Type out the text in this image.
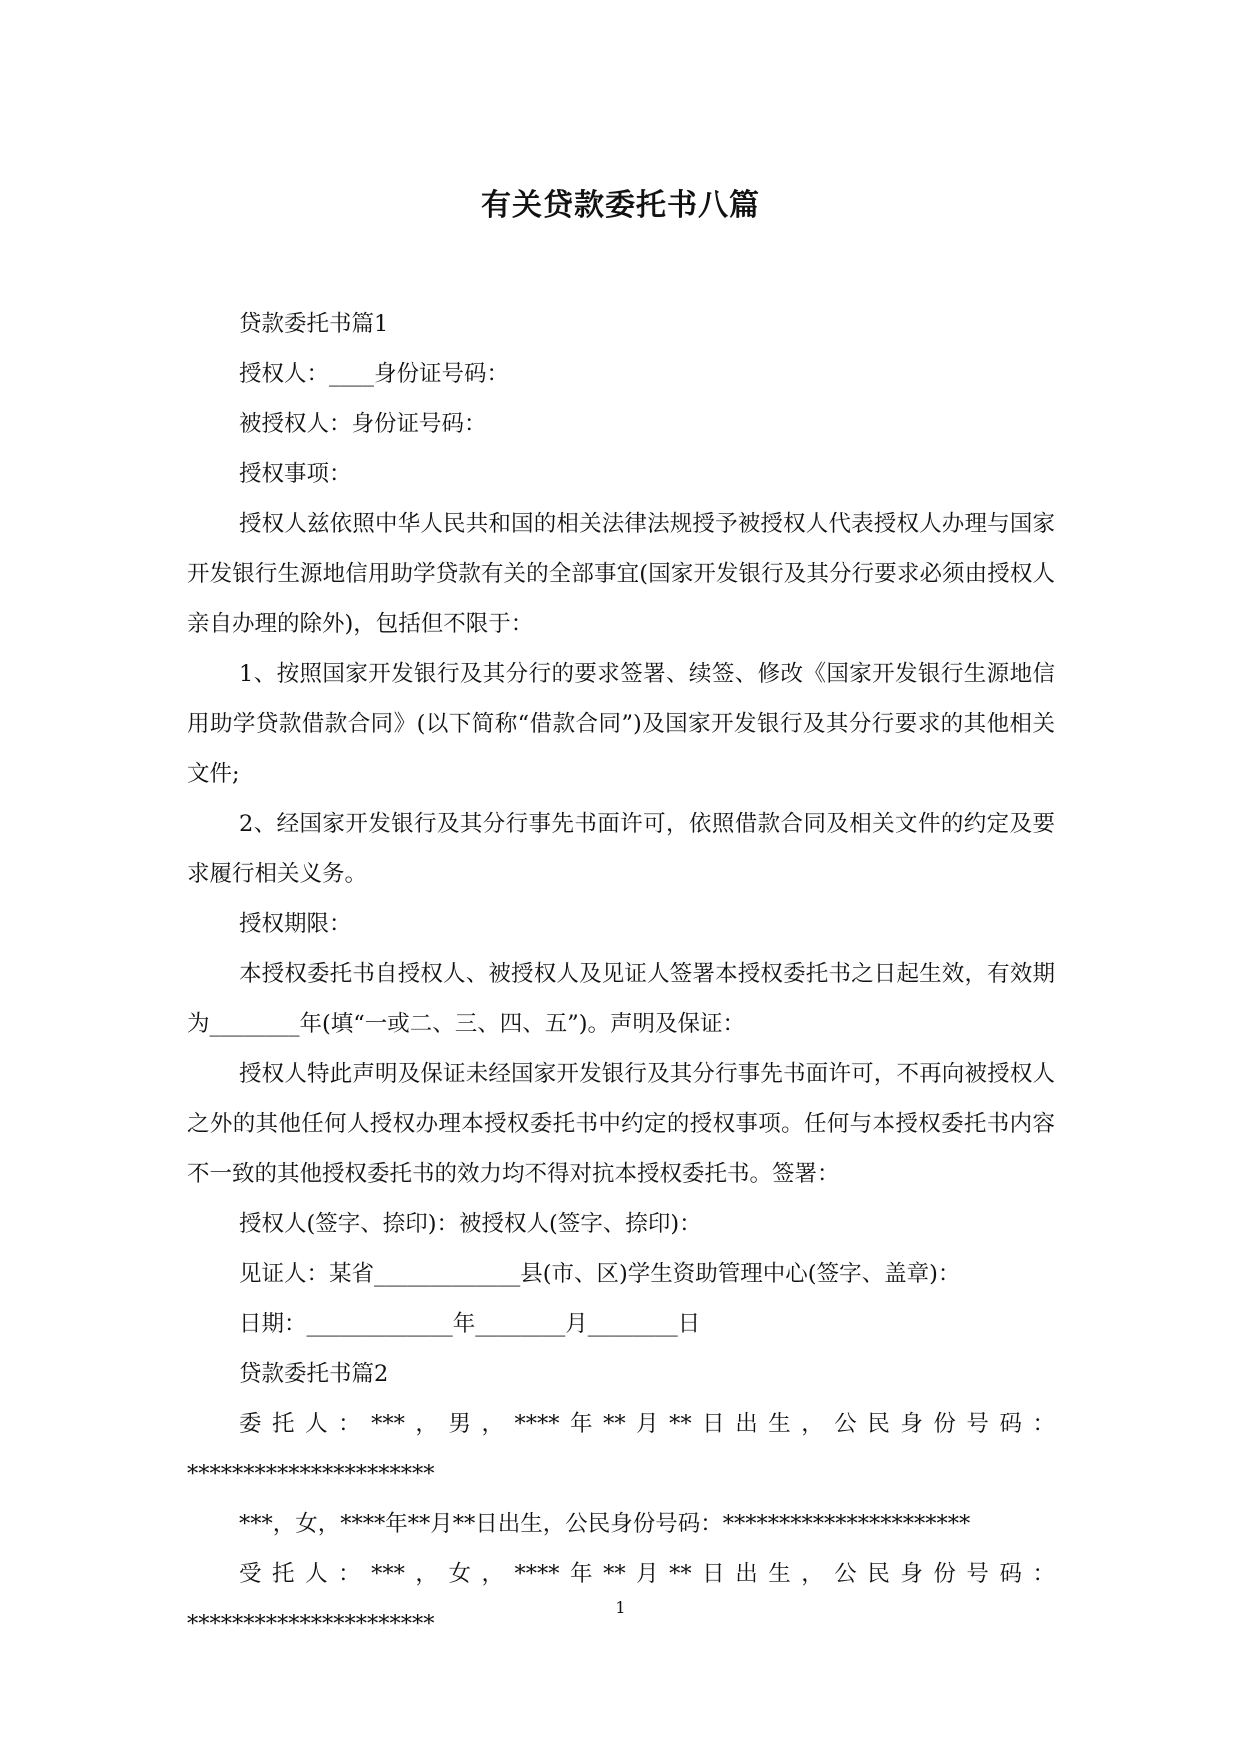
有关贷款委托书八篇

贷款委托书篇1

授权人：____身份证号码：

被授权人：身份证号码：

授权事项：

授权人兹依照中华人民共和国的相关法律法规授予被授权人代表授权人办理与国家开发银行生源地信用助学贷款有关的全部事宜(国家开发银行及其分行要求必须由授权人亲自办理的除外)，包括但不限于：

1、按照国家开发银行及其分行的要求签署、续签、修改《国家开发银行生源地信用助学贷款借款合同》(以下简称“借款合同”)及国家开发银行及其分行要求的其他相关文件;

2、经国家开发银行及其分行事先书面许可，依照借款合同及相关文件的约定及要求履行相关义务。

授权期限：

本授权委托书自授权人、被授权人及见证人签署本授权委托书之日起生效，有效期为________年(填“一或二、三、四、五”)。声明及保证：

授权人特此声明及保证未经国家开发银行及其分行事先书面许可，不再向被授权人之外的其他任何人授权办理本授权委托书中约定的授权事项。任何与本授权委托书内容不一致的其他授权委托书的效力均不得对抗本授权委托书。签署：

授权人(签字、捺印)：被授权人(签字、捺印)：

见证人：某省_____________县(市、区)学生资助管理中心(签字、盖章)：

日期：_____________年________月________日

贷款委托书篇2

委托人：***，男，****年**月**日出生，公民身份号码：

**********************

***，女，****年**月**日出生，公民身份号码：**********************

受托人：***，女，****年**月**日出生，公民身份号码：

**********************

1
